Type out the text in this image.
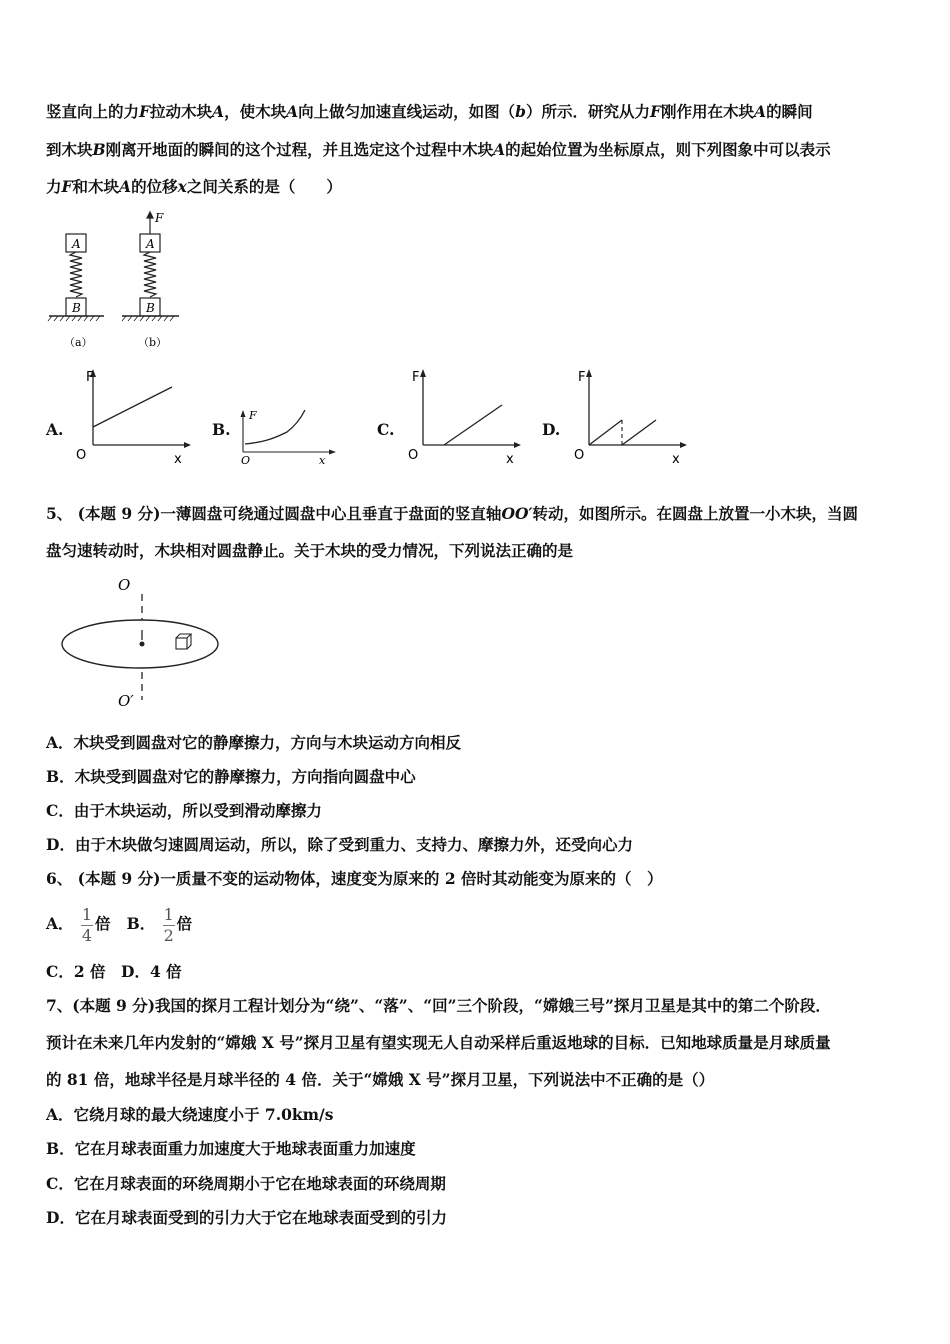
竖直向上的力F拉动木块A，使木块A向上做匀加速直线运动，如图（b）所示．研究从力F刚作用在木块A的瞬间
到木块B刚离开地面的瞬间的这个过程，并且选定这个过程中木块A的起始位置为坐标原点，则下列图象中可以表示
力F和木块A的位移x之间关系的是（　　）
A
B
（a）
F
A
B
（b）
A.
F
O	x
B.
F
O	x
C.
F
O	x
D.
F
O	x
5、 (本题 9 分)一薄圆盘可绕通过圆盘中心且垂直于盘面的竖直轴OO′转动，如图所示。在圆盘上放置一小木块，当圆
盘匀速转动时，木块相对圆盘静止。关于木块的受力情况，下列说法正确的是
O
O′
A．木块受到圆盘对它的静摩擦力，方向与木块运动方向相反
B．木块受到圆盘对它的静摩擦力，方向指向圆盘中心
C．由于木块运动，所以受到滑动摩擦力
D．由于木块做匀速圆周运动，所以，除了受到重力、支持力、摩擦力外，还受向心力
6、 (本题 9 分)一质量不变的运动物体，速度变为原来的 2 倍时其动能变为原来的（　）
A． $\frac{1}{4}$ 倍 B． $\frac{1}{2}$ 倍
C．2 倍　D．4 倍
7、(本题 9 分)我国的探月工程计划分为“绕”、“落”、“回”三个阶段，“嫦娥三号”探月卫星是其中的第二个阶段．
预计在未来几年内发射的“嫦娥 X 号”探月卫星有望实现无人自动采样后重返地球的目标．已知地球质量是月球质量
的 81 倍，地球半径是月球半径的 4 倍．关于“嫦娥 X 号”探月卫星，下列说法中不正确的是（）
A．它绕月球的最大绕速度小于 7.0km/s
B．它在月球表面重力加速度大于地球表面重力加速度
C．它在月球表面的环绕周期小于它在地球表面的环绕周期
D．它在月球表面受到的引力大于它在地球表面受到的引力
